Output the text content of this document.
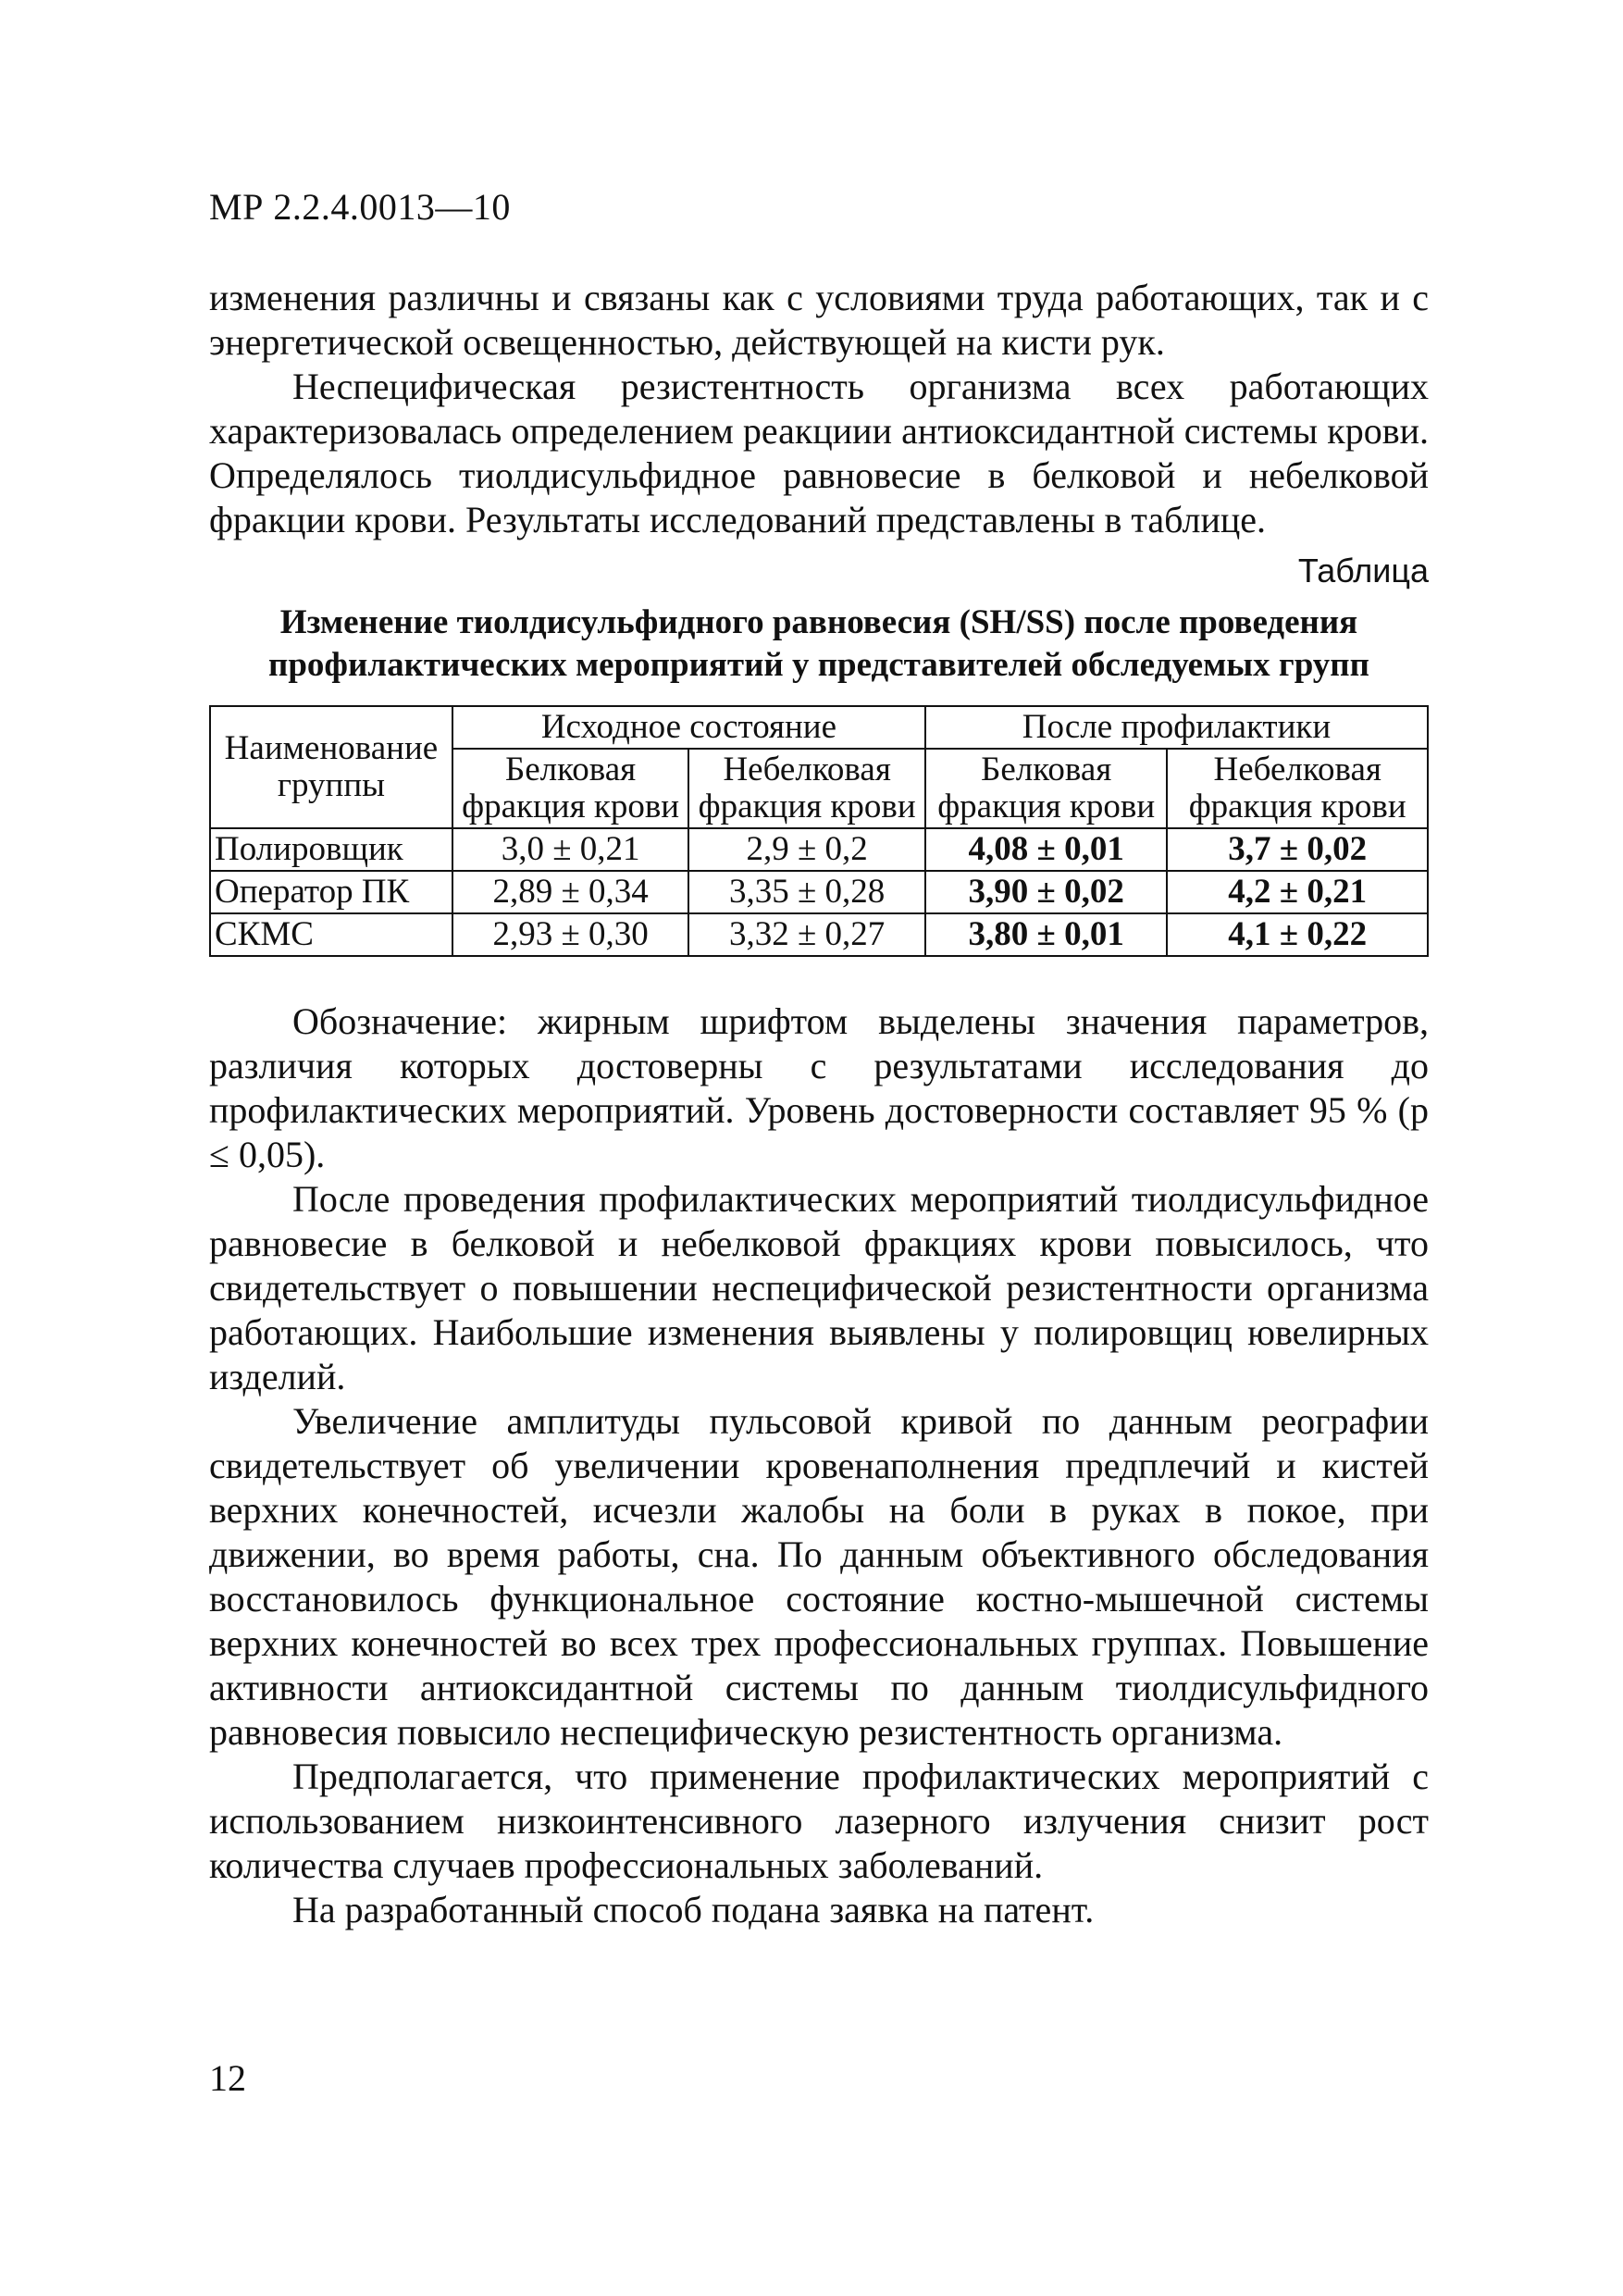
МР 2.2.4.0013—10

изменения различны и связаны как с условиями труда работающих, так и с энергетической освещенностью, действующей на кисти рук.

Неспецифическая резистентность организма всех работающих характеризовалась определением реакциии антиоксидантной системы крови. Определялось тиолдисульфидное равновесие в белковой и небелковой фракции крови. Результаты исследований представлены в таблице.

Таблица
Изменение тиолдисульфидного равновесия (SH/SS) после проведения профилактических мероприятий у представителей обследуемых групп
Наименование группы	Исходное состояние		После профилактики	
	Белковая фракция крови	Небелковая фракция крови	Белковая фракция крови	Небелковая фракция крови
Полировщик	3,0 ± 0,21	2,9 ± 0,2	4,08 ± 0,01	3,7 ± 0,02
Оператор ПК	2,89 ± 0,34	3,35 ± 0,28	3,90 ± 0,02	4,2 ± 0,21
СКМС	2,93 ± 0,30	3,32 ± 0,27	3,80 ± 0,01	4,1 ± 0,22

Обозначение: жирным шрифтом выделены значения параметров, различия которых достоверны с результатами исследования до профилактических мероприятий. Уровень достоверности составляет 95 % (p ≤ 0,05).

После проведения профилактических мероприятий тиолдисульфидное равновесие в белковой и небелковой фракциях крови повысилось, что свидетельствует о повышении неспецифической резистентности организма работающих. Наибольшие изменения выявлены у полировщиц ювелирных изделий.

Увеличение амплитуды пульсовой кривой по данным реографии свидетельствует об увеличении кровенаполнения предплечий и кистей верхних конечностей, исчезли жалобы на боли в руках в покое, при движении, во время работы, сна. По данным объективного обследования восстановилось функциональное состояние костно-мышечной системы верхних конечностей во всех трех профессиональных группах. Повышение активности антиоксидантной системы по данным тиолдисульфидного равновесия повысило неспецифическую резистентность организма.

Предполагается, что применение профилактических мероприятий с использованием низкоинтенсивного лазерного излучения снизит рост количества случаев профессиональных заболеваний.

На разработанный способ подана заявка на патент.

12
